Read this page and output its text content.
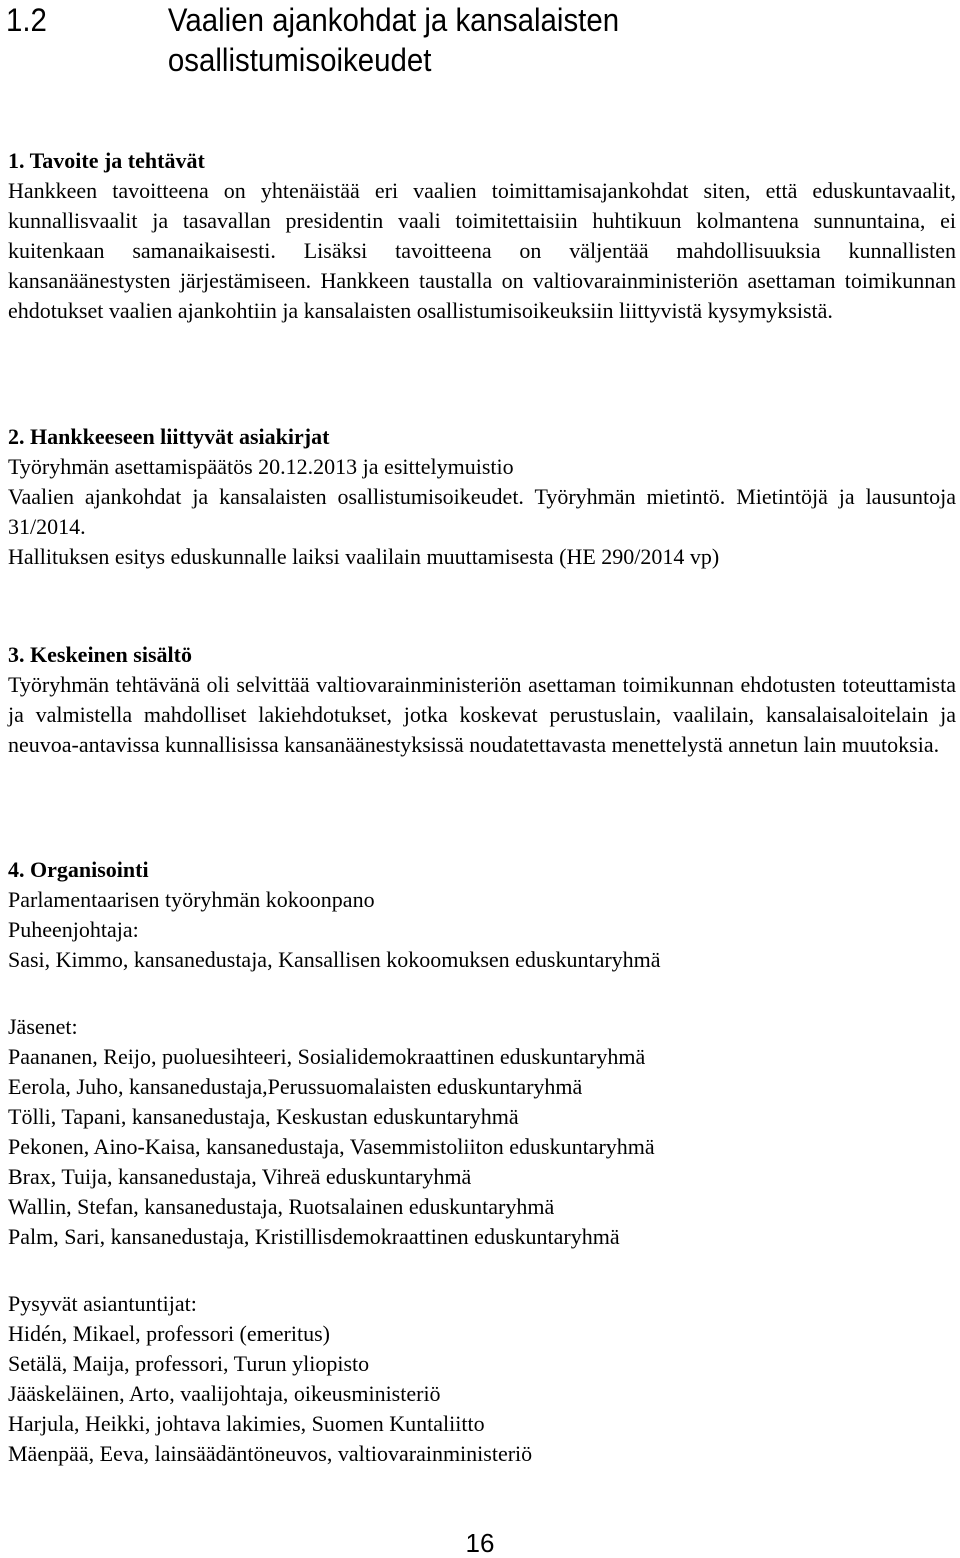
1.2	Vaalien ajankohdat ja kansalaisten osallistumisoikeudet
1. Tavoite ja tehtävät
Hankkeen tavoitteena on yhtenäistää eri vaalien toimittamisajankohdat siten, että eduskuntavaalit, kunnallisvaalit ja tasavallan presidentin vaali toimitettaisiin huhtikuun kolmantena sunnuntaina, ei kuitenkaan samanaikaisesti. Lisäksi tavoitteena on väljentää mahdollisuuksia kunnallisten kansanäänestysten järjestämiseen. Hankkeen taustalla on valtiovarainministeriön asettaman toimikunnan ehdotukset vaalien ajankohtiin ja kansalaisten osallistumisoikeuksiin liittyvistä kysymyksistä.
2. Hankkeeseen liittyvät asiakirjat
Työryhmän asettamispäätös 20.12.2013 ja esittelymuistio
Vaalien ajankohdat ja kansalaisten osallistumisoikeudet. Työryhmän mietintö. Mietintöjä ja lausuntoja 31/2014.
Hallituksen esitys eduskunnalle laiksi vaalilain muuttamisesta (HE 290/2014 vp)
3. Keskeinen sisältö
Työryhmän tehtävänä oli selvittää valtiovarainministeriön asettaman toimikunnan ehdotusten toteuttamista ja valmistella mahdolliset lakiehdotukset, jotka koskevat perustuslain, vaalilain, kansalaisaloitelain ja neuvoa-antavissa kunnallisissa kansanäänestyksissä noudatettavasta menettelystä annetun lain muutoksia.
4. Organisointi
Parlamentaarisen työryhmän kokoonpano
Puheenjohtaja:
Sasi, Kimmo, kansanedustaja, Kansallisen kokoomuksen eduskuntaryhmä
Jäsenet:
Paananen, Reijo, puoluesihteeri, Sosialidemokraattinen eduskuntaryhmä
Eerola, Juho, kansanedustaja,Perussuomalaisten eduskuntaryhmä
Tölli, Tapani, kansanedustaja, Keskustan eduskuntaryhmä
Pekonen, Aino-Kaisa, kansanedustaja, Vasemmistoliiton eduskuntaryhmä
Brax, Tuija, kansanedustaja, Vihreä eduskuntaryhmä
Wallin, Stefan, kansanedustaja, Ruotsalainen eduskuntaryhmä
Palm, Sari, kansanedustaja, Kristillisdemokraattinen eduskuntaryhmä
Pysyvät asiantuntijat:
Hidén, Mikael, professori (emeritus)
Setälä, Maija, professori, Turun yliopisto
Jääskeläinen, Arto, vaalijohtaja, oikeusministeriö
Harjula, Heikki, johtava lakimies, Suomen Kuntaliitto
Mäenpää, Eeva, lainsäädäntöneuvos, valtiovarainministeriö
16
